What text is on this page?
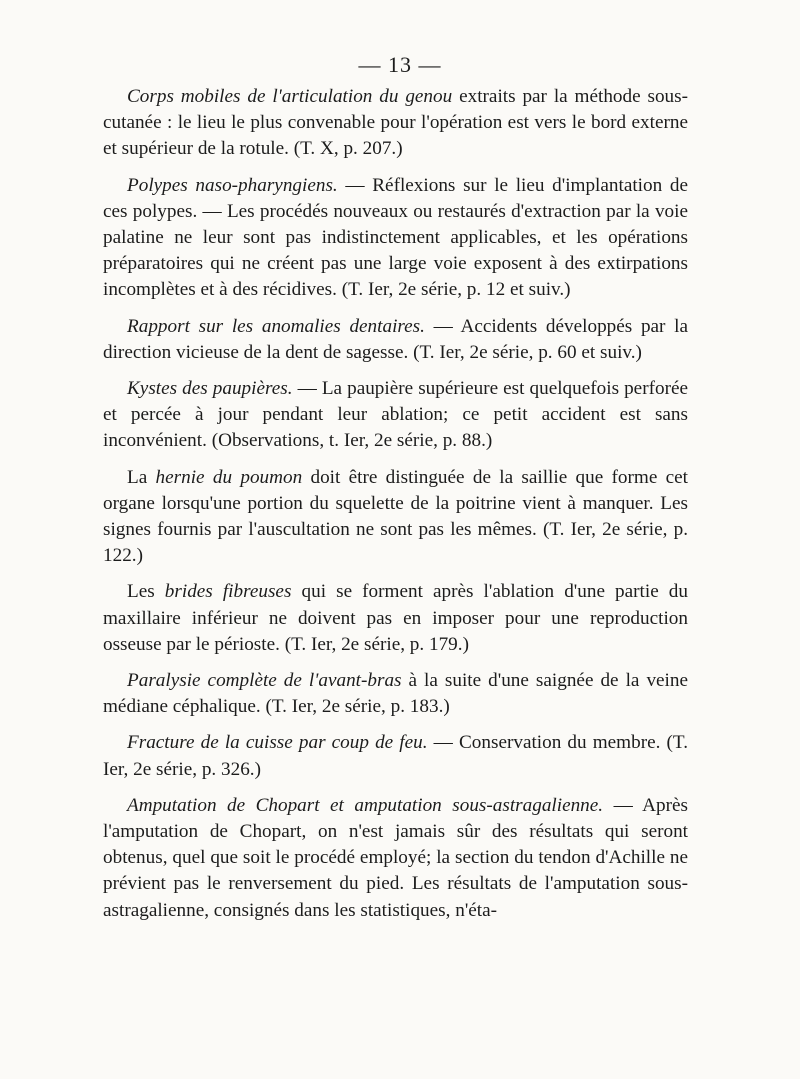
— 13 —

Corps mobiles de l'articulation du genou extraits par la méthode sous-cutanée : le lieu le plus convenable pour l'opération est vers le bord externe et supérieur de la rotule. (T. X, p. 207.)

Polypes naso-pharyngiens. — Réflexions sur le lieu d'implantation de ces polypes. — Les procédés nouveaux ou restaurés d'extraction par la voie palatine ne leur sont pas indistinctement applicables, et les opérations préparatoires qui ne créent pas une large voie exposent à des extirpations incomplètes et à des récidives. (T. Ier, 2e série, p. 12 et suiv.)

Rapport sur les anomalies dentaires. — Accidents développés par la direction vicieuse de la dent de sagesse. (T. Ier, 2e série, p. 60 et suiv.)

Kystes des paupières. — La paupière supérieure est quelquefois perforée et percée à jour pendant leur ablation; ce petit accident est sans inconvénient. (Observations, t. Ier, 2e série, p. 88.)

La hernie du poumon doit être distinguée de la saillie que forme cet organe lorsqu'une portion du squelette de la poitrine vient à manquer. Les signes fournis par l'auscultation ne sont pas les mêmes. (T. Ier, 2e série, p. 122.)

Les brides fibreuses qui se forment après l'ablation d'une partie du maxillaire inférieur ne doivent pas en imposer pour une reproduction osseuse par le périoste. (T. Ier, 2e série, p. 179.)

Paralysie complète de l'avant-bras à la suite d'une saignée de la veine médiane céphalique. (T. Ier, 2e série, p. 183.)

Fracture de la cuisse par coup de feu. — Conservation du membre. (T. Ier, 2e série, p. 326.)

Amputation de Chopart et amputation sous-astragalienne. — Après l'amputation de Chopart, on n'est jamais sûr des résultats qui seront obtenus, quel que soit le procédé employé; la section du tendon d'Achille ne prévient pas le renversement du pied. Les résultats de l'amputation sous-astragalienne, consignés dans les statistiques, n'éta-
